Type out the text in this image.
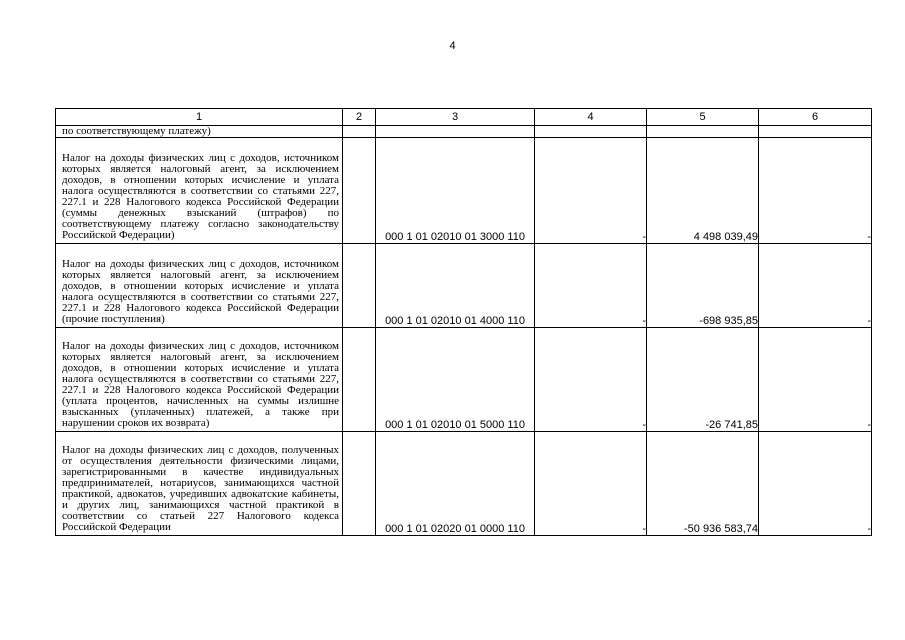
4
1	2	3	4	5	6

по соответствующему платежу)					

Налог на доходы физических лиц с доходов, источником которых является налоговый агент, за исключением доходов, в отношении которых исчисление и уплата налога осуществляются в соответствии со статьями 227, 227.1 и 228 Налогового кодекса Российской Федерации (суммы денежных взысканий (штрафов) по соответствующему платежу согласно законодательству Российской Федерации)		000 1 01 02010 01 3000 110	-	4 498 039,49	-

Налог на доходы физических лиц с доходов, источником которых является налоговый агент, за исключением доходов, в отношении которых исчисление и уплата налога осуществляются в соответствии со статьями 227, 227.1 и 228 Налогового кодекса Российской Федерации (прочие поступления)		000 1 01 02010 01 4000 110	-	-698 935,85	-

Налог на доходы физических лиц с доходов, источником которых является налоговый агент, за исключением доходов, в отношении которых исчисление и уплата налога осуществляются в соответствии со статьями 227, 227.1 и 228 Налогового кодекса Российской Федерации (уплата процентов, начисленных на суммы излишне взысканных (уплаченных) платежей, а также при нарушении сроков их возврата)		000 1 01 02010 01 5000 110	-	-26 741,85	-

Налог на доходы физических лиц с доходов, полученных от осуществления деятельности физическими лицами, зарегистрированными в качестве индивидуальных предпринимателей, нотариусов, занимающихся частной практикой, адвокатов, учредивших адвокатские кабинеты, и других лиц, занимающихся частной практикой в соответствии со статьей 227 Налогового кодекса Российской Федерации		000 1 01 02020 01 0000 110	-	-50 936 583,74	-
